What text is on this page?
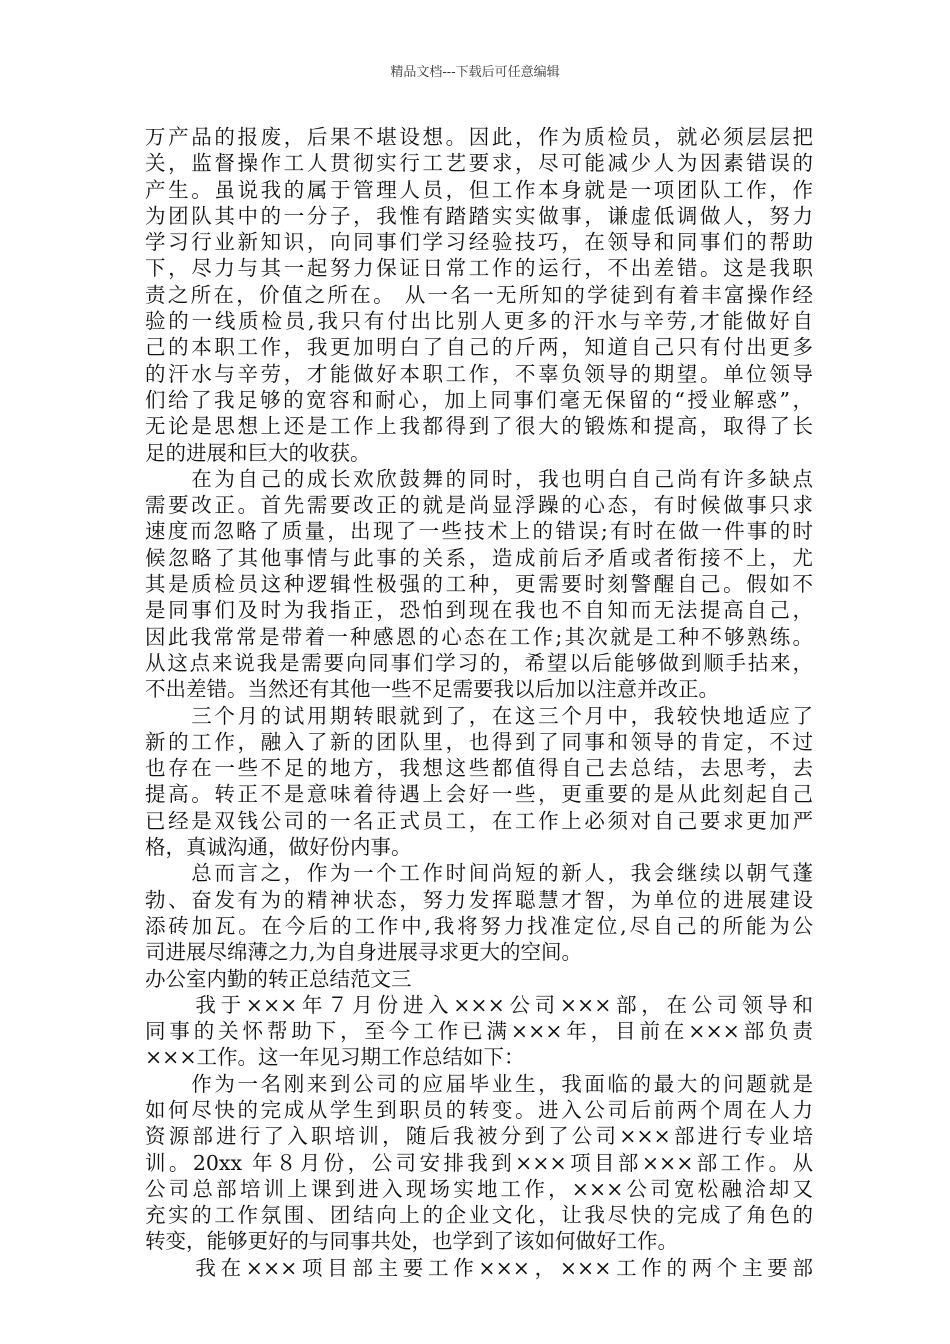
精品文档---下载后可任意编辑
万产品的报废，后果不堪设想。因此，作为质检员，就必须层层把
关，监督操作工人贯彻实行工艺要求，尽可能减少人为因素错误的
产生。虽说我的属于管理人员，但工作本身就是一项团队工作，作
为团队其中的一分子，我惟有踏踏实实做事，谦虚低调做人，努力
学习行业新知识，向同事们学习经验技巧，在领导和同事们的帮助
下，尽力与其一起努力保证日常工作的运行，不出差错。这是我职
责之所在，价值之所在。 从一名一无所知的学徒到有着丰富操作经
验的一线质检员,我只有付出比别人更多的汗水与辛劳,才能做好自
己的本职工作，我更加明白了自己的斤两，知道自己只有付出更多
的汗水与辛劳，才能做好本职工作，不辜负领导的期望。单位领导
们给了我足够的宽容和耐心，加上同事们毫无保留的“授业解惑”，
无论是思想上还是工作上我都得到了很大的锻炼和提高，取得了长
足的进展和巨大的收获。
　　在为自己的成长欢欣鼓舞的同时，我也明白自己尚有许多缺点
需要改正。首先需要改正的就是尚显浮躁的心态，有时候做事只求
速度而忽略了质量，出现了一些技术上的错误;有时在做一件事的时
候忽略了其他事情与此事的关系，造成前后矛盾或者衔接不上，尤
其是质检员这种逻辑性极强的工种，更需要时刻警醒自己。假如不
是同事们及时为我指正，恐怕到现在我也不自知而无法提高自己，
因此我常常是带着一种感恩的心态在工作;其次就是工种不够熟练。
从这点来说我是需要向同事们学习的，希望以后能够做到顺手拈来，
不出差错。当然还有其他一些不足需要我以后加以注意并改正。
　　三个月的试用期转眼就到了，在这三个月中，我较快地适应了
新的工作，融入了新的团队里，也得到了同事和领导的肯定，不过
也存在一些不足的地方，我想这些都值得自己去总结，去思考，去
提高。转正不是意味着待遇上会好一些，更重要的是从此刻起自己
已经是双钱公司的一名正式员工，在工作上必须对自己要求更加严
格，真诚沟通，做好份内事。
　　总而言之，作为一个工作时间尚短的新人，我会继续以朝气蓬
勃、奋发有为的精神状态，努力发挥聪慧才智，为单位的进展建设
添砖加瓦。在今后的工作中,我将努力找准定位,尽自己的所能为公
司进展尽绵薄之力,为自身进展寻求更大的空间。
办公室内勤的转正总结范文三
　　我于×××年７月份进入×××公司×××部，在公司领导和
同事的关怀帮助下，至今工作已满×××年，目前在×××部负责
×××工作。这一年见习期工作总结如下：
　　作为一名刚来到公司的应届毕业生，我面临的最大的问题就是
如何尽快的完成从学生到职员的转变。进入公司后前两个周在人力
资源部进行了入职培训，随后我被分到了公司×××部进行专业培
训。20xx 年８月份，公司安排我到×××项目部×××部工作。从
公司总部培训上课到进入现场实地工作，×××公司宽松融洽却又
充实的工作氛围、团结向上的企业文化，让我尽快的完成了角色的
转变，能够更好的与同事共处，也学到了该如何做好工作。
　　我在×××项目部主要工作×××，×××工作的两个主要部
